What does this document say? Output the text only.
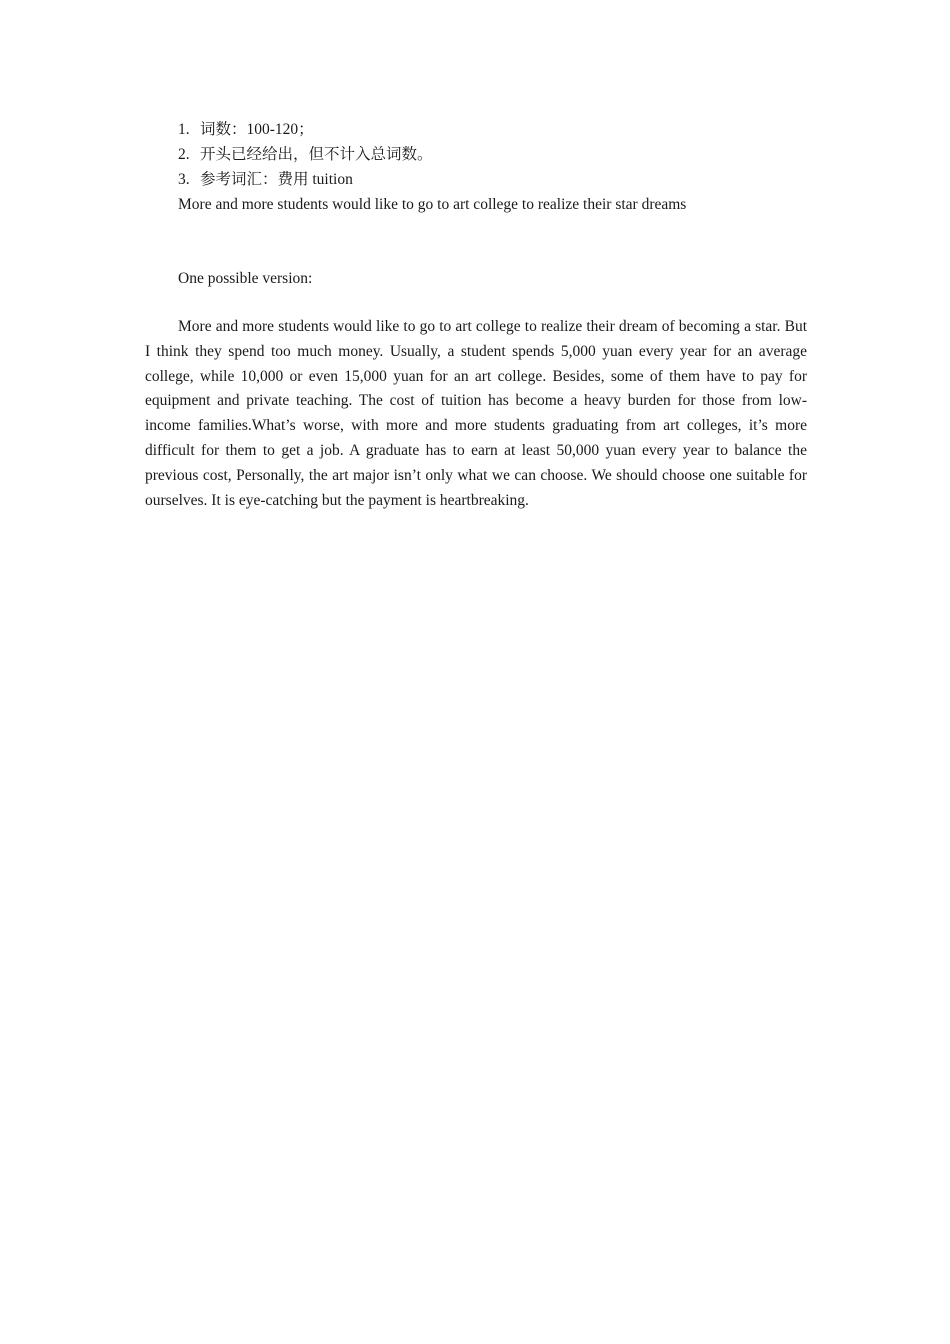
1. 词数：100-120；
2. 开头已经给出，但不计入总词数。
3. 参考词汇：费用 tuition
More and more students would like to go to art college to realize their star dreams
One possible version:

More and more students would like to go to art college to realize their dream of becoming a star. But I think they spend too much money. Usually, a student spends 5,000 yuan every year for an average college, while 10,000 or even 15,000 yuan for an art college. Besides, some of them have to pay for equipment and private teaching. The cost of tuition has become a heavy burden for those from low-income families.What’s worse, with more and more students graduating from art colleges, it’s more difficult for them to get a job. A graduate has to earn at least 50,000 yuan every year to balance the previous cost, Personally, the art major isn’t only what we can choose. We should choose one suitable for ourselves. It is eye-catching but the payment is heartbreaking.
